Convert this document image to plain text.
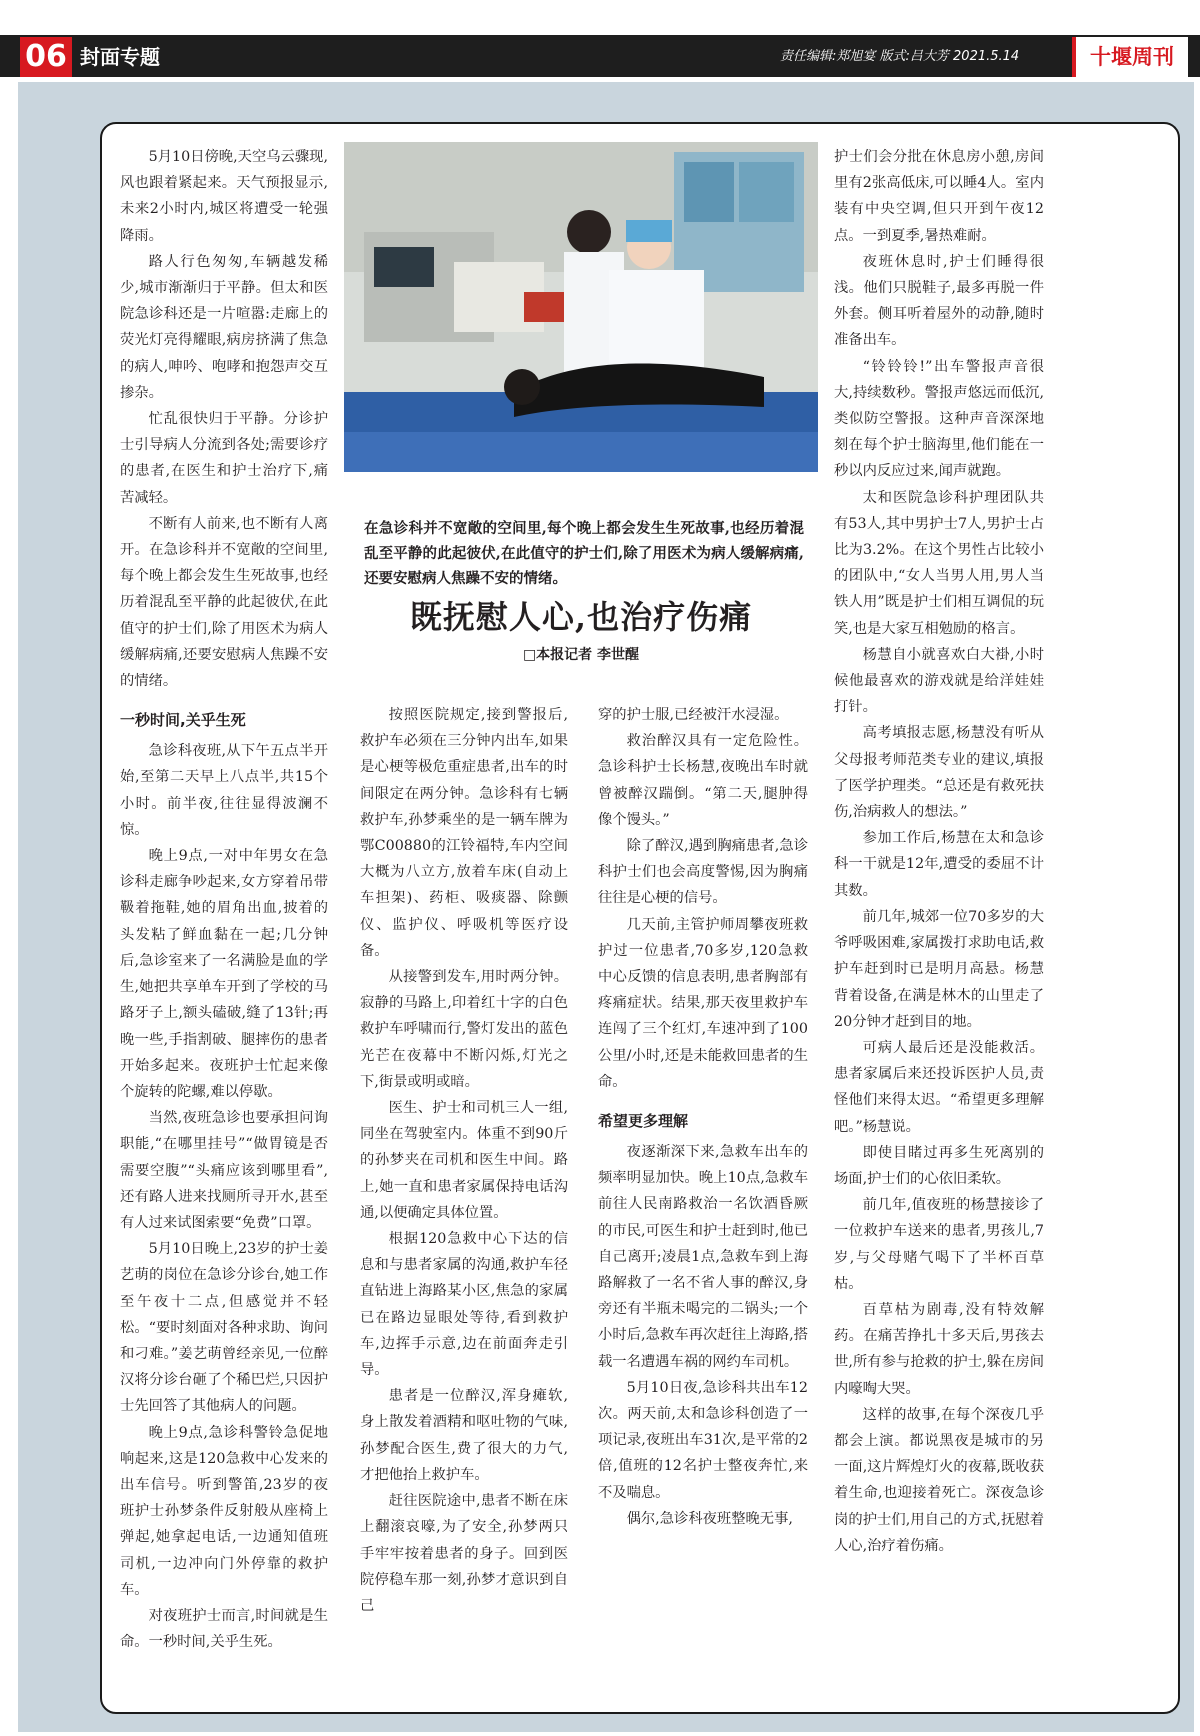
06 封面专题	责任编辑:郑旭宴 版式:吕大芳 2021.5.14	十堰周刊

5月10日傍晚,天空乌云骤现,风也跟着紧起来。天气预报显示,未来2小时内,城区将遭受一轮强降雨。

路人行色匆匆,车辆越发稀少,城市渐渐归于平静。但太和医院急诊科还是一片喧嚣:走廊上的荧光灯亮得耀眼,病房挤满了焦急的病人,呻吟、咆哮和抱怨声交互掺杂。

忙乱很快归于平静。分诊护士引导病人分流到各处;需要诊疗的患者,在医生和护士治疗下,痛苦减轻。

不断有人前来,也不断有人离开。在急诊科并不宽敞的空间里,每个晚上都会发生生死故事,也经历着混乱至平静的此起彼伏,在此值守的护士们,除了用医术为病人缓解病痛,还要安慰病人焦躁不安的情绪。

一秒时间,关乎生死

急诊科夜班,从下午五点半开始,至第二天早上八点半,共15个小时。前半夜,往往显得波澜不惊。

晚上9点,一对中年男女在急诊科走廊争吵起来,女方穿着吊带靸着拖鞋,她的眉角出血,披着的头发粘了鲜血黏在一起;几分钟后,急诊室来了一名满脸是血的学生,她把共享单车开到了学校的马路牙子上,额头磕破,缝了13针;再晚一些,手指割破、腿摔伤的患者开始多起来。夜班护士忙起来像个旋转的陀螺,难以停歇。

当然,夜班急诊也要承担问询职能,“在哪里挂号”“做胃镜是否需要空腹”“头痛应该到哪里看”,还有路人进来找厕所寻开水,甚至有人过来试图索要“免费”口罩。

5月10日晚上,23岁的护士姜艺萌的岗位在急诊分诊台,她工作至午夜十二点,但感觉并不轻松。“要时刻面对各种求助、询问和刁难。”姜艺萌曾经亲见,一位醉汉将分诊台砸了个稀巴烂,只因护士先回答了其他病人的问题。

晚上9点,急诊科警铃急促地响起来,这是120急救中心发来的出车信号。听到警笛,23岁的夜班护士孙梦条件反射般从座椅上弹起,她拿起电话,一边通知值班司机,一边冲向门外停靠的救护车。

对夜班护士而言,时间就是生命。一秒时间,关乎生死。

在急诊科并不宽敞的空间里,每个晚上都会发生生死故事,也经历着混乱至平静的此起彼伏,在此值守的护士们,除了用医术为病人缓解病痛,还要安慰病人焦躁不安的情绪。
既抚慰人心,也治疗伤痛
□本报记者 李世醒

按照医院规定,接到警报后,救护车必须在三分钟内出车,如果是心梗等极危重症患者,出车的时间限定在两分钟。急诊科有七辆救护车,孙梦乘坐的是一辆车牌为鄂C00880的江铃福特,车内空间大概为八立方,放着车床(自动上车担架)、药柜、吸痰器、除颤仪、监护仪、呼吸机等医疗设备。

从接警到发车,用时两分钟。寂静的马路上,印着红十字的白色救护车呼啸而行,警灯发出的蓝色光芒在夜幕中不断闪烁,灯光之下,街景或明或暗。

医生、护士和司机三人一组,同坐在驾驶室内。体重不到90斤的孙梦夹在司机和医生中间。路上,她一直和患者家属保持电话沟通,以便确定具体位置。

根据120急救中心下达的信息和与患者家属的沟通,救护车径直钻进上海路某小区,焦急的家属已在路边显眼处等待,看到救护车,边挥手示意,边在前面奔走引导。

患者是一位醉汉,浑身瘫软,身上散发着酒精和呕吐物的气味,孙梦配合医生,费了很大的力气,才把他抬上救护车。

赶往医院途中,患者不断在床上翻滚哀嚎,为了安全,孙梦两只手牢牢按着患者的身子。回到医院停稳车那一刻,孙梦才意识到自己

穿的护士服,已经被汗水浸湿。

救治醉汉具有一定危险性。急诊科护士长杨慧,夜晚出车时就曾被醉汉踹倒。“第二天,腿肿得像个馒头。”

除了醉汉,遇到胸痛患者,急诊科护士们也会高度警惕,因为胸痛往往是心梗的信号。

几天前,主管护师周攀夜班救护过一位患者,70多岁,120急救中心反馈的信息表明,患者胸部有疼痛症状。结果,那天夜里救护车连闯了三个红灯,车速冲到了100公里/小时,还是未能救回患者的生命。

希望更多理解

夜逐渐深下来,急救车出车的频率明显加快。晚上10点,急救车前往人民南路救治一名饮酒昏厥的市民,可医生和护士赶到时,他已自己离开;凌晨1点,急救车到上海路解救了一名不省人事的醉汉,身旁还有半瓶未喝完的二锅头;一个小时后,急救车再次赶往上海路,搭载一名遭遇车祸的网约车司机。

5月10日夜,急诊科共出车12次。两天前,太和急诊科创造了一项记录,夜班出车31次,是平常的2倍,值班的12名护士整夜奔忙,来不及喘息。

偶尔,急诊科夜班整晚无事,

护士们会分批在休息房小憩,房间里有2张高低床,可以睡4人。室内装有中央空调,但只开到午夜12点。一到夏季,暑热难耐。

夜班休息时,护士们睡得很浅。他们只脱鞋子,最多再脱一件外套。侧耳听着屋外的动静,随时准备出车。

“铃铃铃!”出车警报声音很大,持续数秒。警报声悠远而低沉,类似防空警报。这种声音深深地刻在每个护士脑海里,他们能在一秒以内反应过来,闻声就跑。

太和医院急诊科护理团队共有53人,其中男护士7人,男护士占比为3.2%。在这个男性占比较小的团队中,“女人当男人用,男人当铁人用”既是护士们相互调侃的玩笑,也是大家互相勉励的格言。

杨慧自小就喜欢白大褂,小时候他最喜欢的游戏就是给洋娃娃打针。

高考填报志愿,杨慧没有听从父母报考师范类专业的建议,填报了医学护理类。“总还是有救死扶伤,治病救人的想法。”

参加工作后,杨慧在太和急诊科一干就是12年,遭受的委屈不计其数。

前几年,城郊一位70多岁的大爷呼吸困难,家属拨打求助电话,救护车赶到时已是明月高悬。杨慧背着设备,在满是林木的山里走了20分钟才赶到目的地。

可病人最后还是没能救活。患者家属后来还投诉医护人员,责怪他们来得太迟。“希望更多理解吧。”杨慧说。

即使目睹过再多生死离别的场面,护士们的心依旧柔软。

前几年,值夜班的杨慧接诊了一位救护车送来的患者,男孩儿,7岁,与父母赌气喝下了半杯百草枯。

百草枯为剧毒,没有特效解药。在痛苦挣扎十多天后,男孩去世,所有参与抢救的护士,躲在房间内嚎啕大哭。

这样的故事,在每个深夜几乎都会上演。都说黑夜是城市的另一面,这片辉煌灯火的夜幕,既收获着生命,也迎接着死亡。深夜急诊岗的护士们,用自己的方式,抚慰着人心,治疗着伤痛。
